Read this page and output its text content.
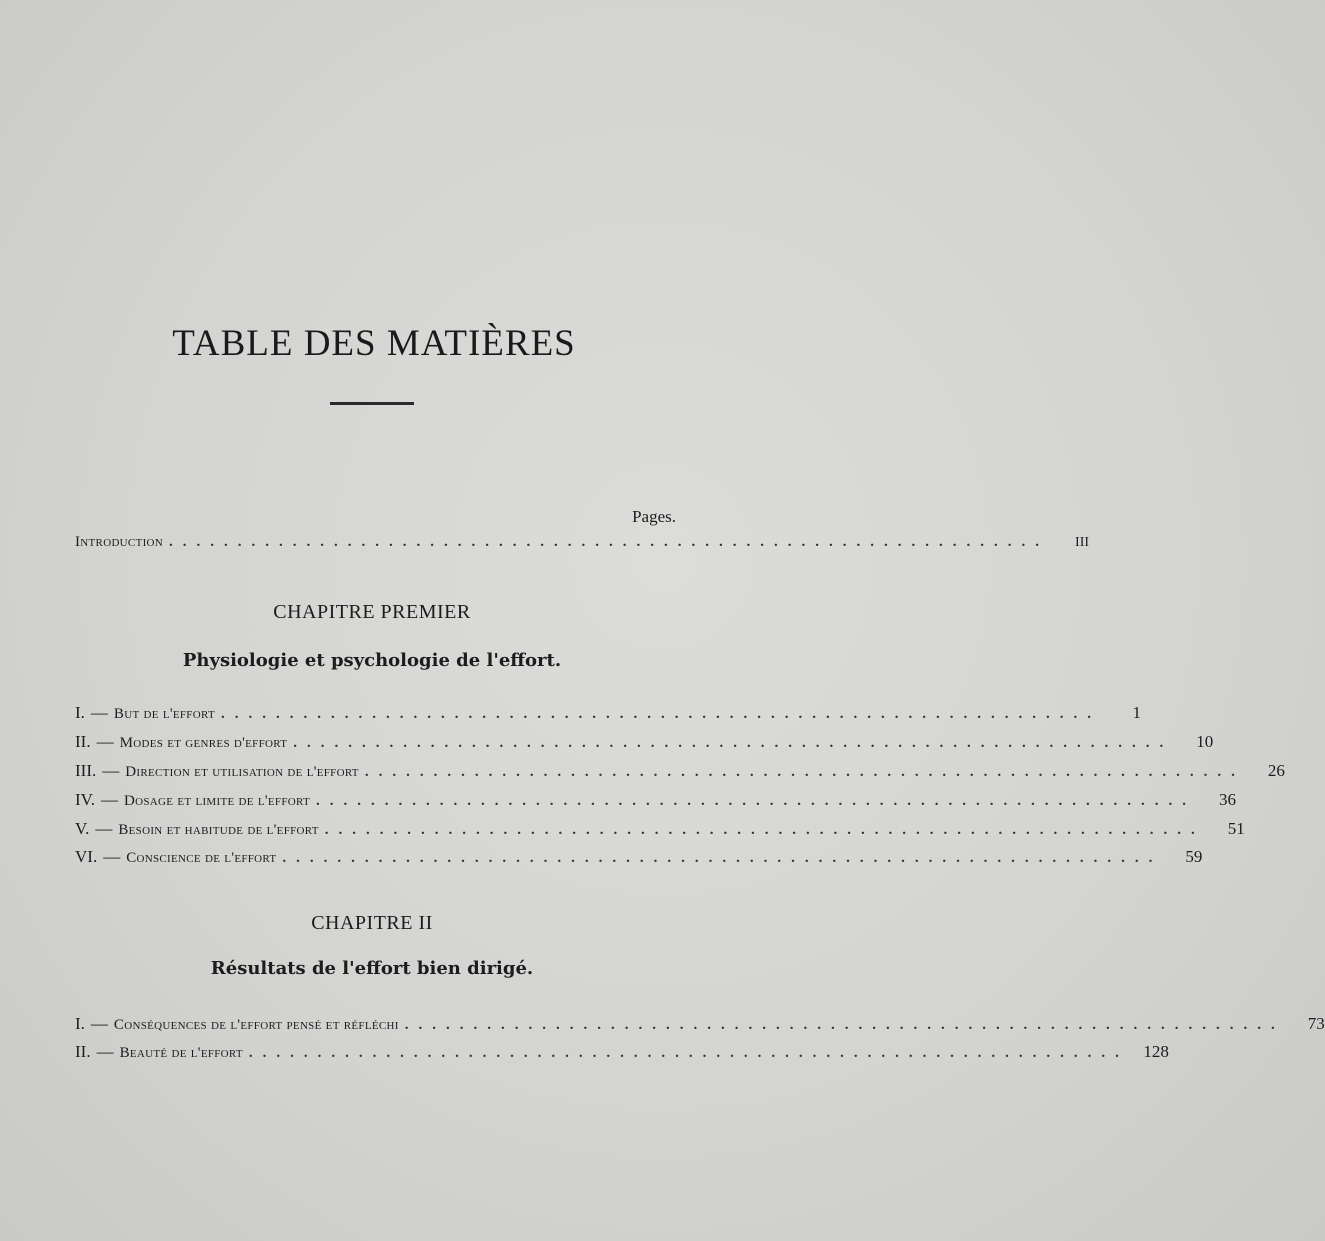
TABLE DES MATIÈRES
Pages.
Introduction ................................................................	III
CHAPITRE PREMIER
Physiologie et psychologie de l'effort.
I. — But de l'effort ................................................................	1
II. — Modes et genres d'effort ................................................................	10
III. — Direction et utilisation de l'effort ................................................................	26
IV. — Dosage et limite de l'effort ................................................................	36
V. — Besoin et habitude de l'effort ................................................................	51
VI. — Conscience de l'effort ................................................................	59
CHAPITRE II
Résultats de l'effort bien dirigé.
I. — Conséquences de l'effort pensé et réfléchi ................................................................	73
II. — Beauté de l'effort ................................................................ 128
